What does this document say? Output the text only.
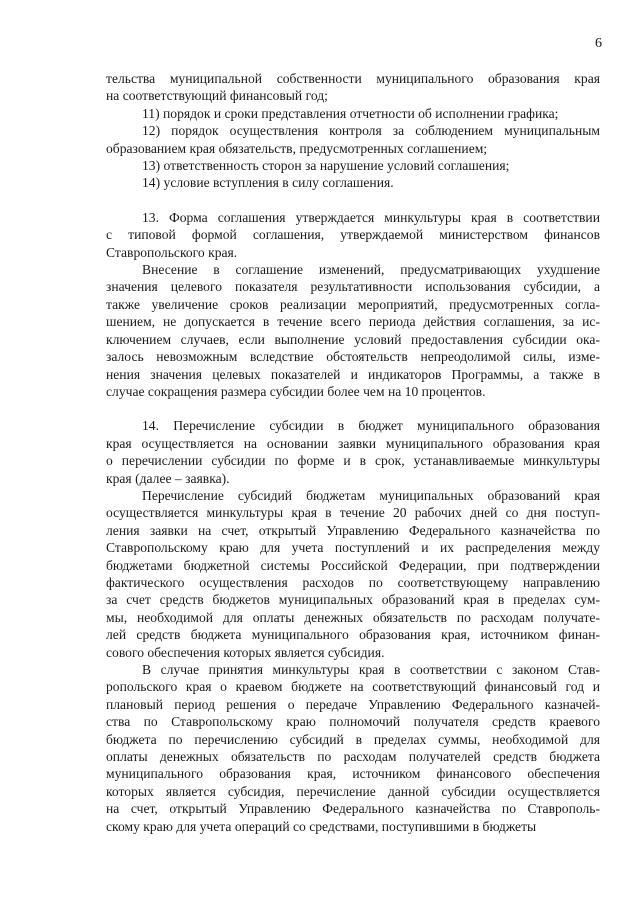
6

тельства муниципальной собственности муниципального образования края

на соответствующий финансовый год;

11) порядок и сроки представления отчетности об исполнении графика;

12) порядок осуществления контроля за соблюдением муниципальным

образованием края обязательств, предусмотренных соглашением;

13) ответственность сторон за нарушение условий соглашения;

14) условие вступления в силу соглашения.

13. Форма соглашения утверждается минкультуры края в соответствии

с типовой формой соглашения, утверждаемой министерством финансов

Ставропольского края.

Внесение в соглашение изменений, предусматривающих ухудшение

значения целевого показателя результативности использования субсидии, а

также увеличение сроков реализации мероприятий, предусмотренных согла-

шением, не допускается в течение всего периода действия соглашения, за ис-

ключением случаев, если выполнение условий предоставления субсидии ока-

залось невозможным вследствие обстоятельств непреодолимой силы, изме-

нения значения целевых показателей и индикаторов Программы, а также в

случае сокращения размера субсидии более чем на 10 процентов.

14. Перечисление субсидии в бюджет муниципального образования

края осуществляется на основании заявки муниципального образования края

о перечислении субсидии по форме и в срок, устанавливаемые минкультуры

края (далее – заявка).

Перечисление субсидий бюджетам муниципальных образований края

осуществляется минкультуры края в течение 20 рабочих дней со дня поступ-

ления заявки на счет, открытый Управлению Федерального казначейства по

Ставропольскому краю для учета поступлений и их распределения между

бюджетами бюджетной системы Российской Федерации, при подтверждении

фактического осуществления расходов по соответствующему направлению

за счет средств бюджетов муниципальных образований края в пределах сум-

мы, необходимой для оплаты денежных обязательств по расходам получате-

лей средств бюджета муниципального образования края, источником финан-

сового обеспечения которых является субсидия.

В случае принятия минкультуры края в соответствии с законом Став-

ропольского края о краевом бюджете на соответствующий финансовый год и

плановый период решения о передаче Управлению Федерального казначей-

ства по Ставропольскому краю полномочий получателя средств краевого

бюджета по перечислению субсидий в пределах суммы, необходимой для

оплаты денежных обязательств по расходам получателей средств бюджета

муниципального образования края, источником финансового обеспечения

которых является субсидия, перечисление данной субсидии осуществляется

на счет, открытый Управлению Федерального казначейства по Ставрополь-

скому краю для учета операций со средствами, поступившими в бюджеты
